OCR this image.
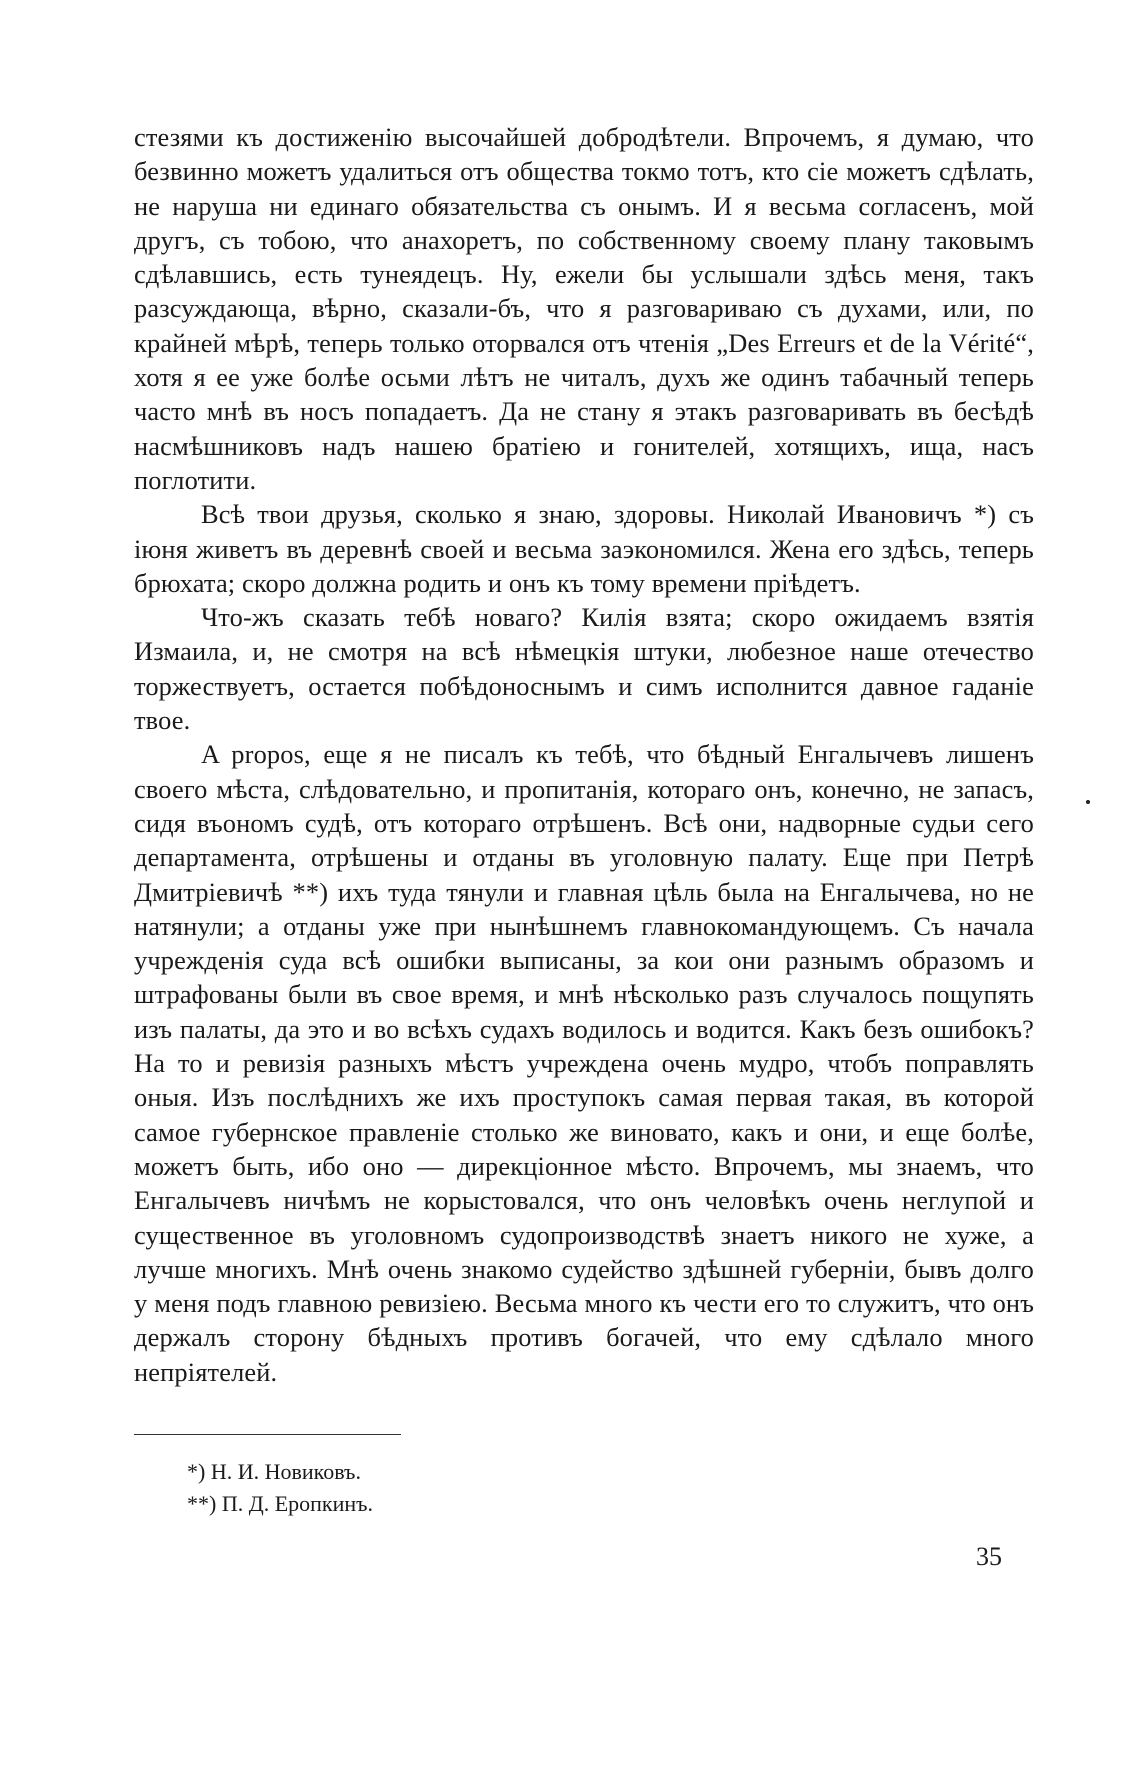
стезями къ достиженію высочайшей добродѣтели. Впрочемъ, я думаю, что безвинно можетъ удалиться отъ общества токмо тотъ, кто сіе можетъ сдѣлать, не наруша ни единаго обязательства съ онымъ. И я весьма согласенъ, мой другъ, съ тобою, что анахоретъ, по собственному своему плану таковымъ сдѣлавшись, есть тунеядецъ. Ну, ежели бы услышали здѣсь меня, такъ разсуждающа, вѣрно, сказали-бъ, что я разговариваю съ духами, или, по крайней мѣрѣ, теперь только оторвался отъ чтенія „Des Erreurs et de la Vérité“, хотя я ее уже болѣе осьми лѣтъ не читалъ, духъ же одинъ табачный теперь часто мнѣ въ носъ попадаетъ. Да не стану я этакъ разговаривать въ бесѣдѣ насмѣшниковъ надъ нашею братіею и гонителей, хотящихъ, ища, насъ поглотити.

Всѣ твои друзья, сколько я знаю, здоровы. Николай Ивановичъ *) съ іюня живетъ въ деревнѣ своей и весьма заэкономился. Жена его здѣсь, теперь брюхата; скоро должна родить и онъ къ тому времени пріѣдетъ.

Что-жъ сказать тебѣ новаго? Килія взята; скоро ожидаемъ взятія Измаила, и, не смотря на всѣ нѣмецкія штуки, любезное наше отечество торжествуетъ, остается побѣдоноснымъ и симъ исполнится давное гаданіе твое.

A propos, еще я не писалъ къ тебѣ, что бѣдный Енгалычевъ лишенъ своего мѣста, слѣдовательно, и пропитанія, котораго онъ, конечно, не запасъ, сидя въономъ судѣ, отъ котораго отрѣшенъ. Всѣ они, надворные судьи сего департамента, отрѣшены и отданы въ уголовную палату. Еще при Петрѣ Дмитріевичѣ **) ихъ туда тянули и главная цѣль была на Енгалычева, но не натянули; а отданы уже при нынѣшнемъ главнокомандующемъ. Съ начала учрежденія суда всѣ ошибки выписаны, за кои они разнымъ образомъ и штрафованы были въ свое время, и мнѣ нѣсколько разъ случалось пощупять изъ палаты, да это и во всѣхъ судахъ водилось и водится. Какъ безъ ошибокъ? На то и ревизія разныхъ мѣстъ учреждена очень мудро, чтобъ поправлять оныя. Изъ послѣднихъ же ихъ проступокъ самая первая такая, въ которой самое губернское правленіе столько же виновато, какъ и они, и еще болѣе, можетъ быть, ибо оно — дирекціонное мѣсто. Впрочемъ, мы знаемъ, что Енгалычевъ ничѣмъ не корыстовался, что онъ человѣкъ очень неглупой и существенное въ уголовномъ судопроизводствѣ знаетъ никого не хуже, а лучше многихъ. Мнѣ очень знакомо судейство здѣшней губерніи, бывъ долго у меня подъ главною ревизіею. Весьма много къ чести его то служитъ, что онъ держалъ сторону бѣдныхъ противъ богачей, что ему сдѣлало много непріятелей.

*) Н. И. Новиковъ.
**) П. Д. Еропкинъ.
35
